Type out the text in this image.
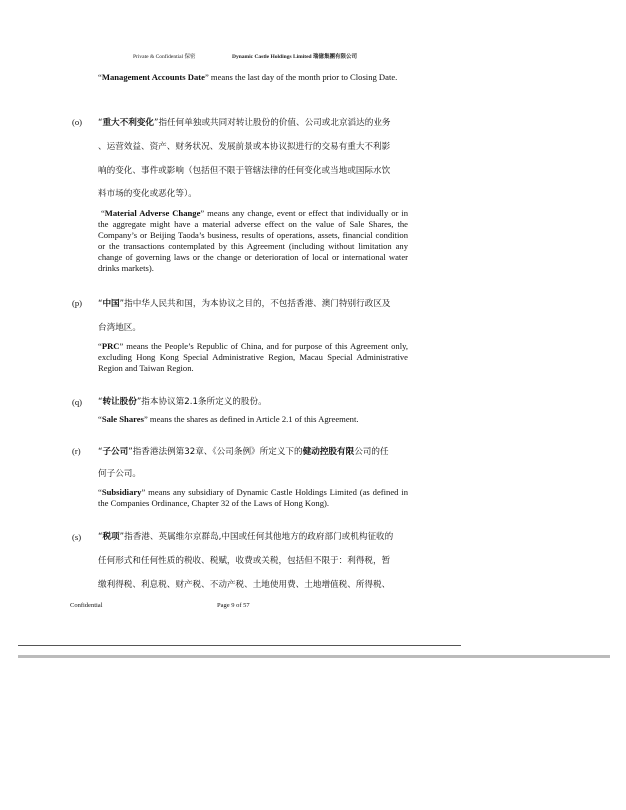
Private & Confidential 保密	Dynamic Castle Holdings Limited 瑞億集團有限公司
“Management Accounts Date” means the last day of the month prior to Closing Date.
(o) “重大不利变化”指任何单独或共同对转让股份的价值、公司或北京滔达的业务
、运营效益、资产、财务状况、发展前景或本协议拟进行的交易有重大不利影
响的变化、事件或影响（包括但不限于管辖法律的任何变化或当地或国际水饮
料市场的变化或恶化等）。
“Material Adverse Change” means any change, event or effect that individually or in the aggregate might have a material adverse effect on the value of Sale Shares, the Company’s or Beijing Taoda’s business, results of operations, assets, financial condition or the transactions contemplated by this Agreement (including without limitation any change of governing laws or the change or deterioration of local or international water drinks markets).
(p) “中国”指中华人民共和国，为本协议之目的，不包括香港、澳门特别行政区及
台湾地区。
“PRC” means the People’s Republic of China, and for purpose of this Agreement only, excluding Hong Kong Special Administrative Region, Macau Special Administrative Region and Taiwan Region.
(q) “转让股份”指本协议第2.1条所定义的股份。
“Sale Shares” means the shares as defined in Article 2.1 of this Agreement.
(r) “子公司”指香港法例第32章、《公司条例》所定义下的健动控股有限公司的任
何子公司。
“Subsidiary” means any subsidiary of Dynamic Castle Holdings Limited (as defined in the Companies Ordinance, Chapter 32 of the Laws of Hong Kong).
(s) “税项”指香港、英属维尔京群岛,中国或任何其他地方的政府部门或机构征收的
任何形式和任何性质的税收、税赋，收费或关税，包括但不限于：利得税，暂
缴利得税、利息税、财产税、不动产税、土地使用费、土地增值税、所得税、
Confidential	Page 9 of 57
